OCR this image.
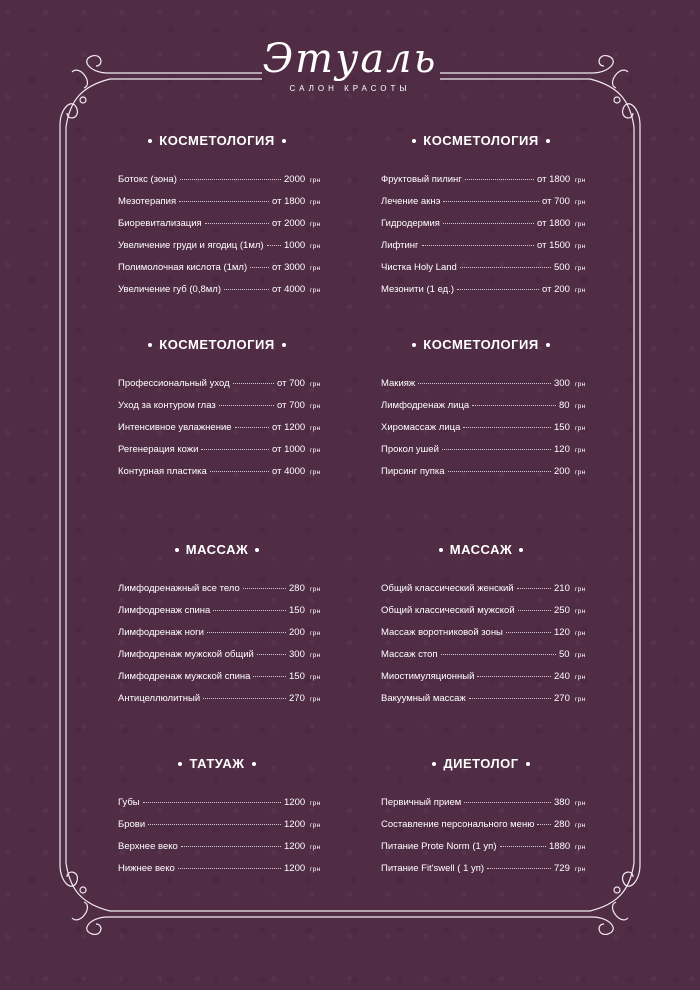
Этуаль
САЛОН КРАСОТЫ
КОСМЕТОЛОГИЯ
Ботокс (зона)	2000 грн
Мезотерапия	от 1800 грн
Биоревитализация	от 2000 грн
Увеличение груди и ягодиц (1мл) 1000 грн
Полимолочная кислота (1мл)	от 3000 грн
Увеличение губ (0,8мл)	от 4000 грн
КОСМЕТОЛОГИЯ
Фруктовый пилинг	от 1800 грн
Лечение акнэ	от 700 грн
Гидродермия	от 1800 грн
Лифтинг	от 1500 грн
Чистка Holy Land	500 грн
Мезонити (1 ед.)	от 200 грн
КОСМЕТОЛОГИЯ
Профессиональный уход	от 700 грн
Уход за контуром глаз	от 700 грн
Интенсивное увлажнение	от 1200 грн
Регенерация кожи	от 1000 грн
Контурная пластика	от 4000 грн
КОСМЕТОЛОГИЯ
Макияж	300 грн
Лимфодренаж лица	80 грн
Хиромассаж лица	150 грн
Прокол ушей	120 грн
Пирсинг пупка	200 грн
МАССАЖ
Лимфодренажный все тело	280 грн
Лимфодренаж спина	150 грн
Лимфодренаж ноги	200 грн
Лимфодренаж мужской общий	300 грн
Лимфодренаж мужской спина	150 грн
Антицеллюлитный	270 грн
МАССАЖ
Общий классический женский	210 грн
Общий классический мужской	250 грн
Массаж воротниковой зоны	120 грн
Массаж стоп	50 грн
Миостимуляционный	240 грн
Вакуумный массаж	270 грн
ТАТУАЖ
Губы	1200 грн
Брови	1200 грн
Верхнее веко	1200 грн
Нижнее веко	1200 грн
ДИЕТОЛОГ
Первичный прием	380 грн
Составление персонального меню 280 грн
Питание Prote Norm (1 уп)	1880 грн
Питание Fit'swell ( 1 уп)	729 грн
